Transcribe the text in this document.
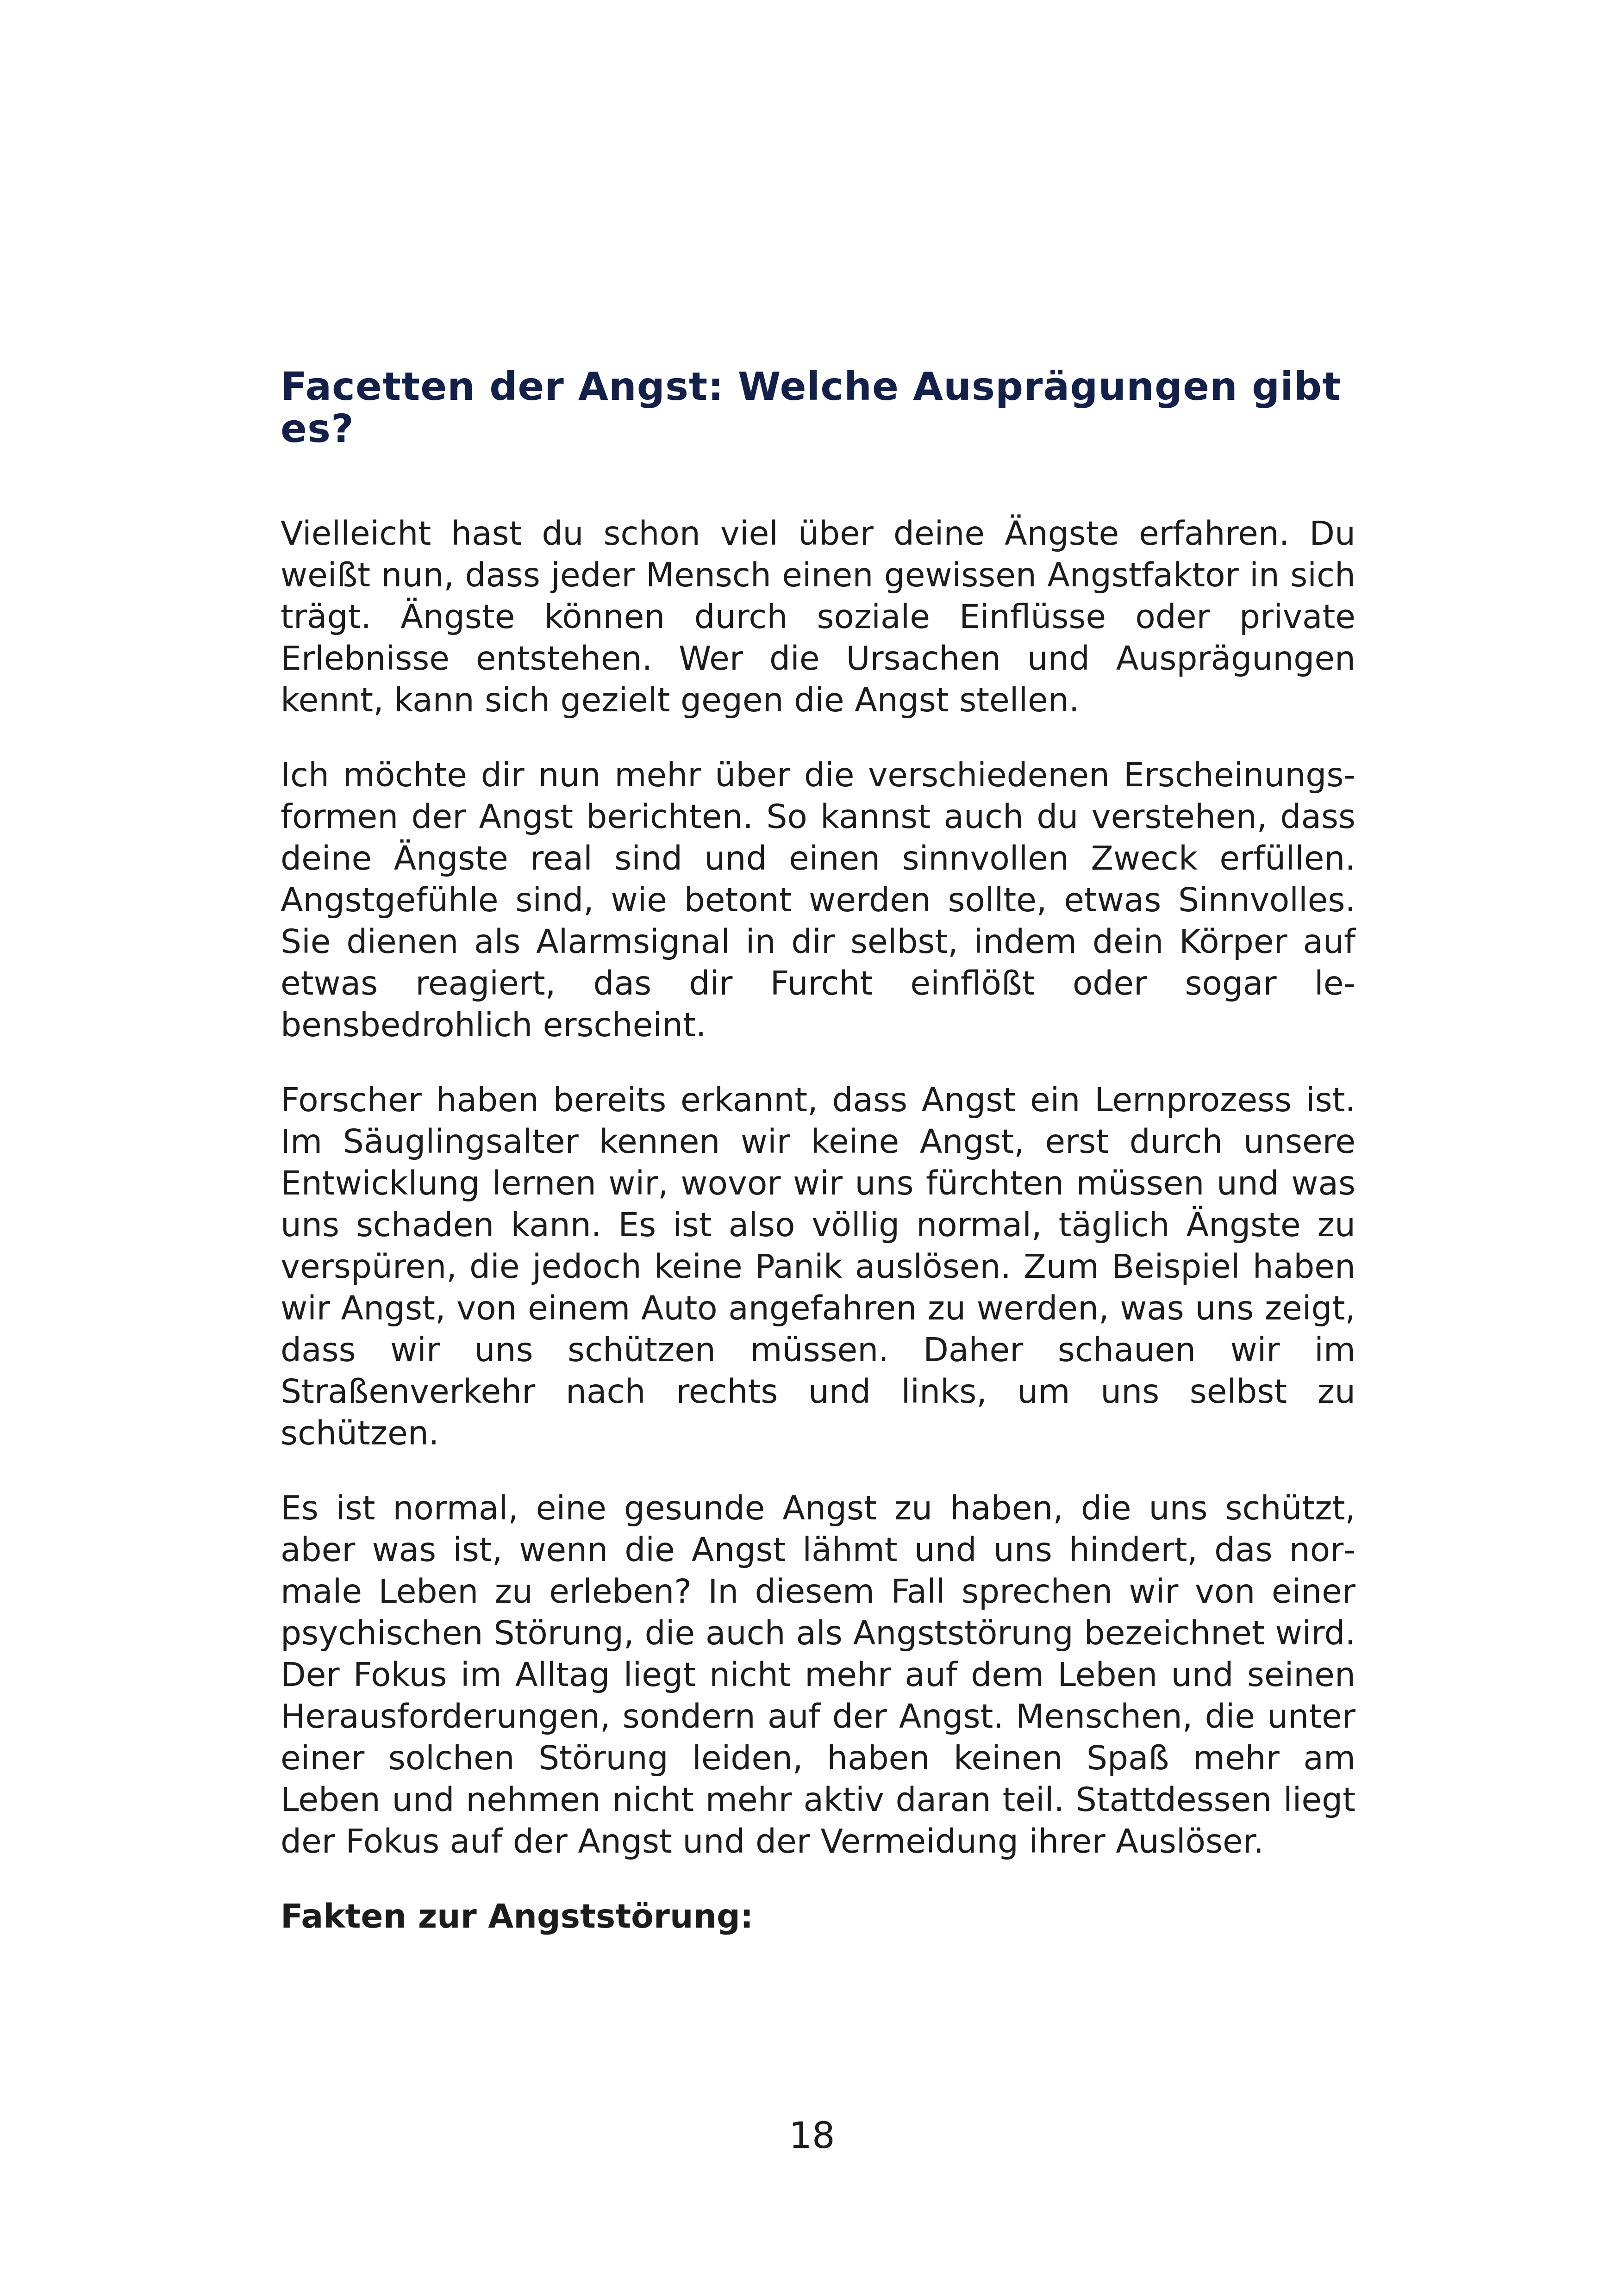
Facetten der Angst: Welche Ausprägungen gibt es?

Vielleicht hast du schon viel über deine Ängste erfahren. Du weißt nun, dass jeder Mensch einen gewissen Angstfaktor in sich trägt. Ängste können durch soziale Einflüsse oder private Erlebnisse entstehen. Wer die Ursachen und Ausprägungen kennt, kann sich gezielt gegen die Angst stellen.

Ich möchte dir nun mehr über die verschiedenen Erscheinungsformen der Angst berichten. So kannst auch du verstehen, dass deine Ängste real sind und einen sinnvollen Zweck erfüllen. Angstgefühle sind, wie betont werden sollte, etwas Sinnvolles. Sie dienen als Alarmsignal in dir selbst, indem dein Körper auf etwas reagiert, das dir Furcht einflößt oder sogar lebensbedrohlich erscheint.

Forscher haben bereits erkannt, dass Angst ein Lernprozess ist. Im Säuglingsalter kennen wir keine Angst, erst durch unsere Entwicklung lernen wir, wovor wir uns fürchten müssen und was uns schaden kann. Es ist also völlig normal, täglich Ängste zu verspüren, die jedoch keine Panik auslösen. Zum Beispiel haben wir Angst, von einem Auto angefahren zu werden, was uns zeigt, dass wir uns schützen müssen. Daher schauen wir im Straßenverkehr nach rechts und links, um uns selbst zu schützen.

Es ist normal, eine gesunde Angst zu haben, die uns schützt, aber was ist, wenn die Angst lähmt und uns hindert, das normale Leben zu erleben? In diesem Fall sprechen wir von einer psychischen Störung, die auch als Angststörung bezeichnet wird. Der Fokus im Alltag liegt nicht mehr auf dem Leben und seinen Herausforderungen, sondern auf der Angst. Menschen, die unter einer solchen Störung leiden, haben keinen Spaß mehr am Leben und nehmen nicht mehr aktiv daran teil. Stattdessen liegt der Fokus auf der Angst und der Vermeidung ihrer Auslöser.

Fakten zur Angststörung:

18
